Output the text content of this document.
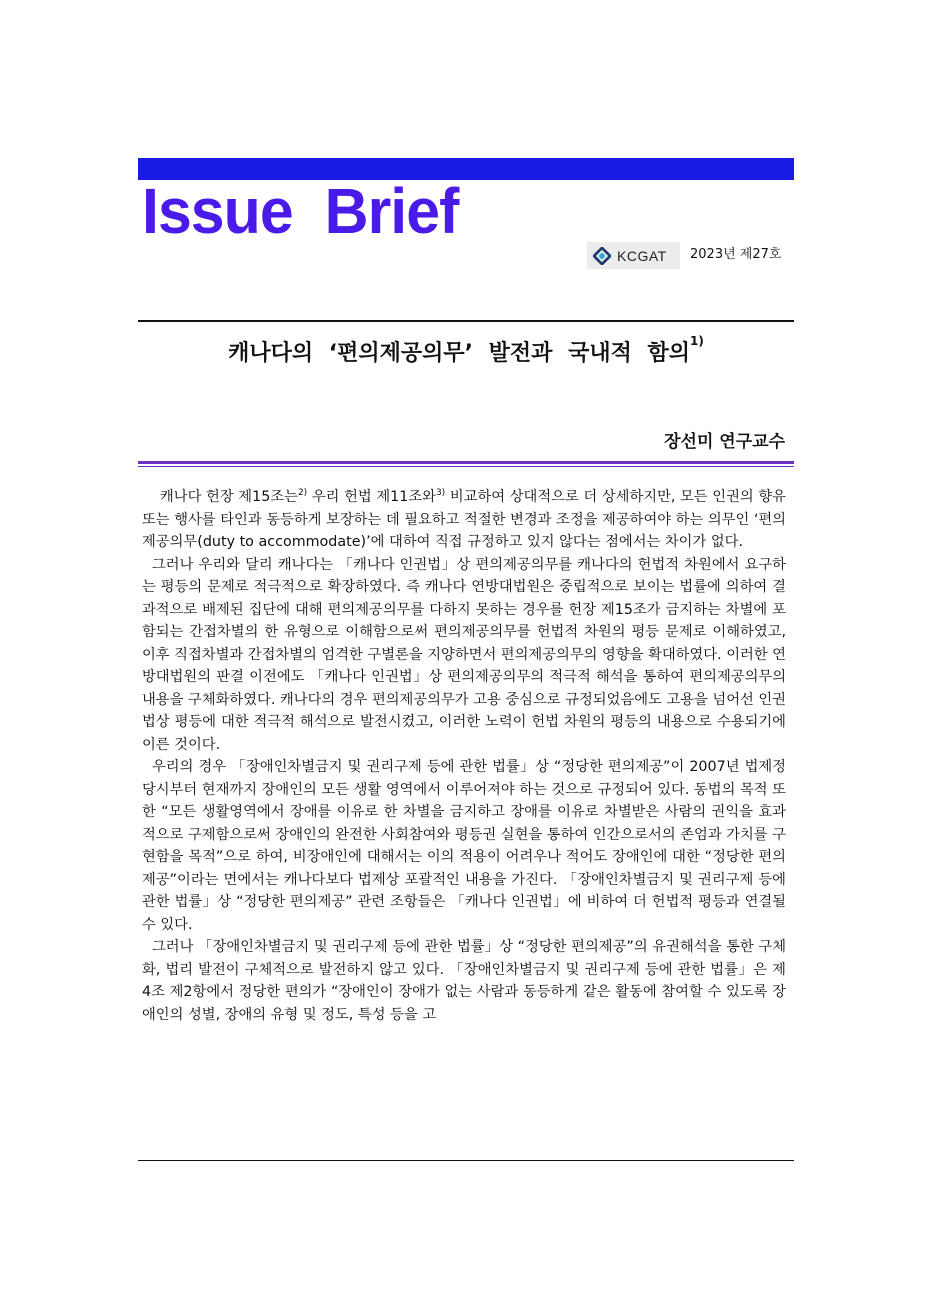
Issue  Brief
KCGAT 2023년 제27호
캐나다의 ‘편의제공의무’ 발전과 국내적 함의$^{1)}$
장선미 연구교수

캐나다 헌장 제15조는$^{2)}$ 우리 헌법 제11조와$^{3)}$ 비교하여 상대적으로 더 상세하지만, 모든 인권의 향유 또는 행사를 타인과 동등하게 보장하는 데 필요하고 적절한 변경과 조정을 제공하여야 하는 의무인 ‘편의제공의무(duty to accommodate)’에 대하여 직접 규정하고 있지 않다는 점에서는 차이가 없다.

그러나 우리와 달리 캐나다는 「캐나다 인권법」상 편의제공의무를 캐나다의 헌법적 차원에서 요구하는 평등의 문제로 적극적으로 확장하였다. 즉 캐나다 연방대법원은 중립적으로 보이는 법률에 의하여 결과적으로 배제된 집단에 대해 편의제공의무를 다하지 못하는 경우를 헌장 제15조가 금지하는 차별에 포함되는 간접차별의 한 유형으로 이해함으로써 편의제공의무를 헌법적 차원의 평등 문제로 이해하였고, 이후 직접차별과 간접차별의 엄격한 구별론을 지양하면서 편의제공의무의 영향을 확대하였다. 이러한 연방대법원의 판결 이전에도 「캐나다 인권법」상 편의제공의무의 적극적 해석을 통하여 편의제공의무의 내용을 구체화하였다. 캐나다의 경우 편의제공의무가 고용 중심으로 규정되었음에도 고용을 넘어선 인권법상 평등에 대한 적극적 해석으로 발전시켰고, 이러한 노력이 헌법 차원의 평등의 내용으로 수용되기에 이른 것이다.

우리의 경우 「장애인차별금지 및 권리구제 등에 관한 법률」상 “정당한 편의제공”이 2007년 법제정 당시부터 현재까지 장애인의 모든 생활 영역에서 이루어져야 하는 것으로 규정되어 있다. 동법의 목적 또한 “모든 생활영역에서 장애를 이유로 한 차별을 금지하고 장애를 이유로 차별받은 사람의 권익을 효과적으로 구제함으로써 장애인의 완전한 사회참여와 평등권 실현을 통하여 인간으로서의 존엄과 가치를 구현함을 목적”으로 하여, 비장애인에 대해서는 이의 적용이 어려우나 적어도 장애인에 대한 “정당한 편의제공”이라는 면에서는 캐나다보다 법제상 포괄적인 내용을 가진다. 「장애인차별금지 및 권리구제 등에 관한 법률」상 “정당한 편의제공” 관련 조항들은 「캐나다 인권법」에 비하여 더 헌법적 평등과 연결될 수 있다.

그러나 「장애인차별금지 및 권리구제 등에 관한 법률」상 “정당한 편의제공”의 유권해석을 통한 구체화, 법리 발전이 구체적으로 발전하지 않고 있다. 「장애인차별금지 및 권리구제 등에 관한 법률」은 제4조 제2항에서 정당한 편의가 “장애인이 장애가 없는 사람과 동등하게 같은 활동에 참여할 수 있도록 장애인의 성별, 장애의 유형 및 정도, 특성 등을 고
